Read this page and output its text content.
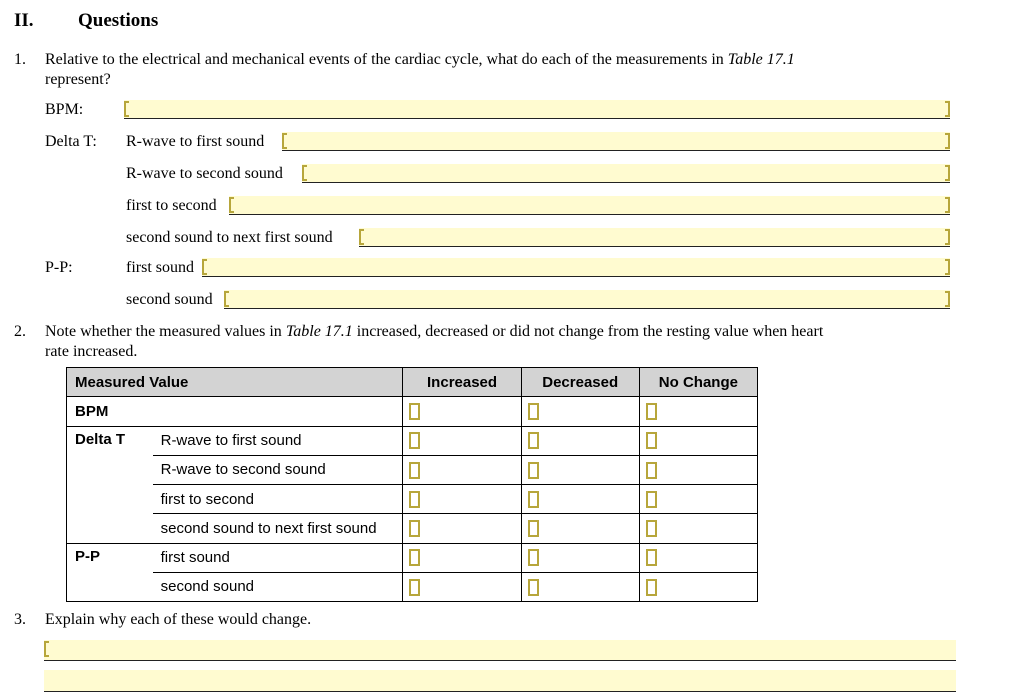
II. Questions
1. Relative to the electrical and mechanical events of the cardiac cycle, what do each of the measurements in Table 17.1
represent?
BPM:
Delta T: R-wave to first sound
R-wave to second sound
first to second
second sound to next first sound
P-P:	first sound
second sound
2. Note whether the measured values in Table 17.1 increased, decreased or did not change from the resting value when heart
rate increased.
Measured Value		Increased	Decreased	No Change
BPM				
Delta T	R-wave to first sound			
	R-wave to second sound			
	first to second			
	second sound to next first sound			
P-P	first sound			
	second sound			
3. Explain why each of these would change.
